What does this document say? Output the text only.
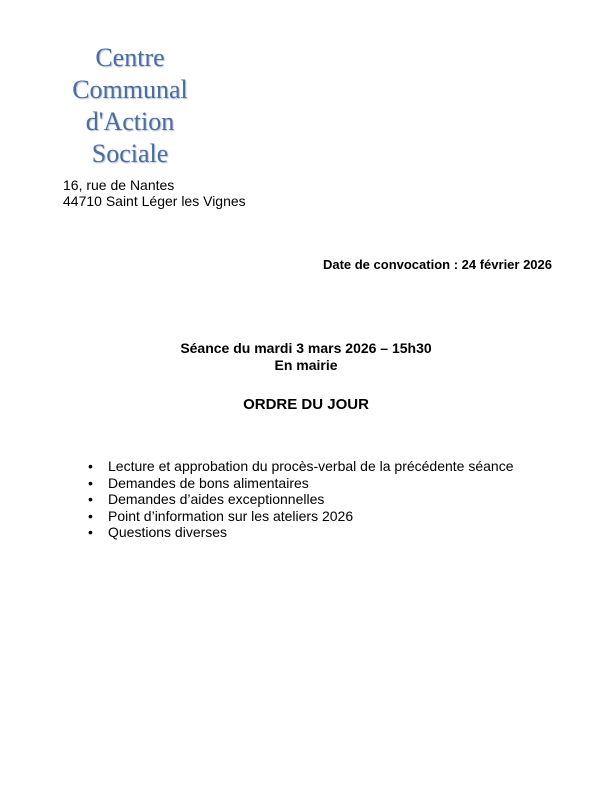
Centre
Communal
d'Action
Sociale
16, rue de Nantes
44710 Saint Léger les Vignes
Date de convocation : 24 février 2026
Séance du mardi 3 mars 2026 – 15h30
En mairie
ORDRE DU JOUR
• Lecture et approbation du procès-verbal de la précédente séance
• Demandes de bons alimentaires
• Demandes d’aides exceptionnelles
• Point d’information sur les ateliers 2026
• Questions diverses
